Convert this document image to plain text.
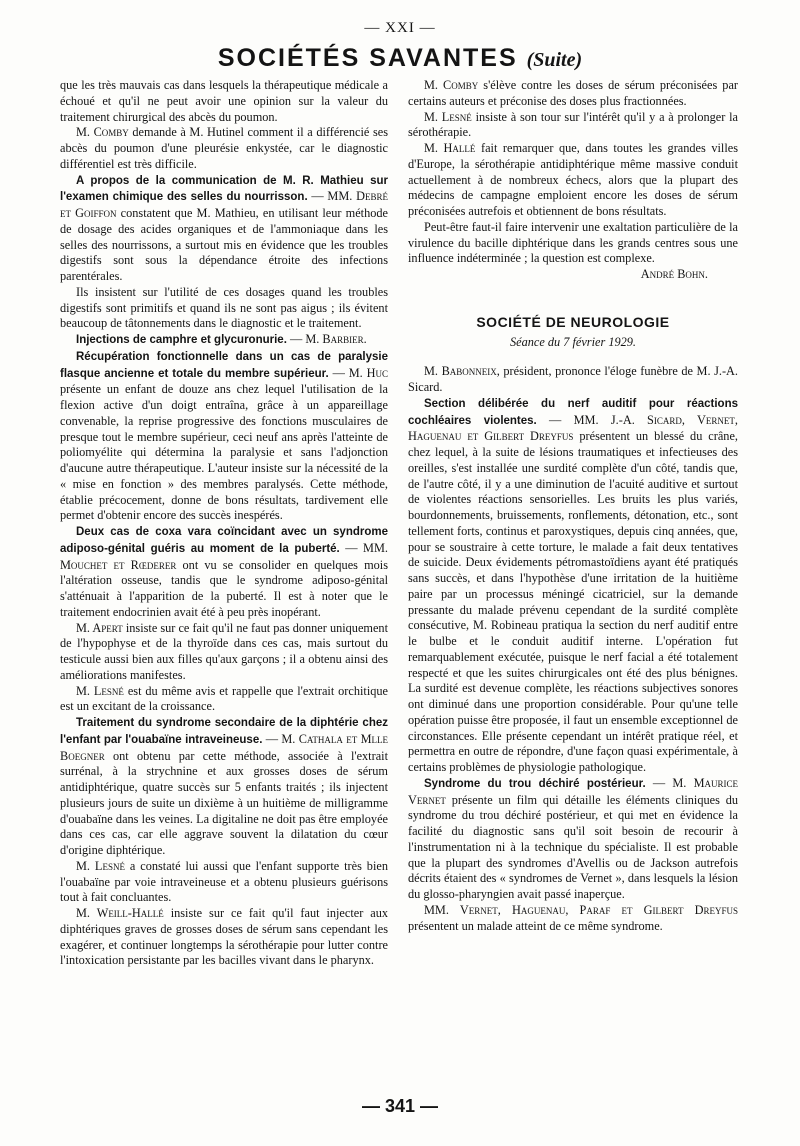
— XXI —
SOCIÉTÉS SAVANTES (Suite)

que les très mauvais cas dans lesquels la thérapeutique médicale a échoué et qu'il ne peut avoir une opinion sur la valeur du traitement chirurgical des abcès du poumon.

M. Comby demande à M. Hutinel comment il a différencié ses abcès du poumon d'une pleurésie enkystée, car le diagnostic différentiel est très difficile.

A propos de la communication de M. R. Mathieu sur l'examen chimique des selles du nourrisson. — MM. Debré et Goiffon constatent que M. Mathieu, en utilisant leur méthode de dosage des acides organiques et de l'ammoniaque dans les selles des nourrissons, a surtout mis en évidence que les troubles digestifs sont sous la dépendance étroite des infections parentérales.

Ils insistent sur l'utilité de ces dosages quand les troubles digestifs sont primitifs et quand ils ne sont pas aigus ; ils évitent beaucoup de tâtonnements dans le diagnostic et le traitement.

Injections de camphre et glycuronurie. — M. Barbier.

Récupération fonctionnelle dans un cas de paralysie flasque ancienne et totale du membre supérieur. — M. Huc présente un enfant de douze ans chez lequel l'utilisation de la flexion active d'un doigt entraîna, grâce à un appareillage convenable, la reprise progressive des fonctions musculaires de presque tout le membre supérieur, ceci neuf ans après l'atteinte de poliomyélite qui détermina la paralysie et sans l'adjonction d'aucune autre thérapeutique. L'auteur insiste sur la nécessité de la « mise en fonction » des membres paralysés. Cette méthode, établie précocement, donne de bons résultats, tardivement elle permet d'obtenir encore des succès inespérés.

Deux cas de coxa vara coïncidant avec un syndrome adiposo-génital guéris au moment de la puberté. — MM. Mouchet et Rœderer ont vu se consolider en quelques mois l'altération osseuse, tandis que le syndrome adiposo-génital s'atténuait à l'apparition de la puberté. Il est à noter que le traitement endocrinien avait été à peu près inopérant.

M. Apert insiste sur ce fait qu'il ne faut pas donner uniquement de l'hypophyse et de la thyroïde dans ces cas, mais surtout du testicule aussi bien aux filles qu'aux garçons ; il a obtenu ainsi des améliorations manifestes.

M. Lesné est du même avis et rappelle que l'extrait orchitique est un excitant de la croissance.

Traitement du syndrome secondaire de la diphtérie chez l'enfant par l'ouabaïne intraveineuse. — M. Cathala et Mlle Boegner ont obtenu par cette méthode, associée à l'extrait surrénal, à la strychnine et aux grosses doses de sérum antidiphtérique, quatre succès sur 5 enfants traités ; ils injectent plusieurs jours de suite un dixième à un huitième de milligramme d'ouabaïne dans les veines. La digitaline ne doit pas être employée dans ces cas, car elle aggrave souvent la dilatation du cœur d'origine diphtérique.

M. Lesné a constaté lui aussi que l'enfant supporte très bien l'ouabaïne par voie intraveineuse et a obtenu plusieurs guérisons tout à fait concluantes.

M. Weill-Hallé insiste sur ce fait qu'il faut injecter aux diphtériques graves de grosses doses de sérum sans cependant les exagérer, et continuer longtemps la sérothérapie pour lutter contre l'intoxication persistante par les bacilles vivant dans le pharynx.

M. Comby s'élève contre les doses de sérum préconisées par certains auteurs et préconise des doses plus fractionnées.

M. Lesné insiste à son tour sur l'intérêt qu'il y a à prolonger la sérothérapie.

M. Hallé fait remarquer que, dans toutes les grandes villes d'Europe, la sérothérapie antidiphtérique même massive conduit actuellement à de nombreux échecs, alors que la plupart des médecins de campagne emploient encore les doses de sérum préconisées autrefois et obtiennent de bons résultats.

Peut-être faut-il faire intervenir une exaltation particulière de la virulence du bacille diphtérique dans les grands centres sous une influence indéterminée ; la question est complexe.

André Bohn.

SOCIÉTÉ DE NEUROLOGIE
Séance du 7 février 1929.

M. Babonneix, président, prononce l'éloge funèbre de M. J.-A. Sicard.

Section délibérée du nerf auditif pour réactions cochléaires violentes. — MM. J.-A. Sicard, Vernet, Haguenau et Gilbert Dreyfus présentent un blessé du crâne, chez lequel, à la suite de lésions traumatiques et infectieuses des oreilles, s'est installée une surdité complète d'un côté, tandis que, de l'autre côté, il y a une diminution de l'acuité auditive et surtout de violentes réactions sensorielles. Les bruits les plus variés, bourdonnements, bruissements, ronflements, détonation, etc., sont tellement forts, continus et paroxystiques, depuis cinq années, que, pour se soustraire à cette torture, le malade a fait deux tentatives de suicide. Deux évidements pétromastoïdiens ayant été pratiqués sans succès, et dans l'hypothèse d'une irritation de la huitième paire par un processus méningé cicatriciel, sur la demande pressante du malade prévenu cependant de la surdité complète consécutive, M. Robineau pratiqua la section du nerf auditif entre le bulbe et le conduit auditif interne. L'opération fut remarquablement exécutée, puisque le nerf facial a été totalement respecté et que les suites chirurgicales ont été des plus bénignes. La surdité est devenue complète, les réactions subjectives sonores ont diminué dans une proportion considérable. Pour qu'une telle opération puisse être proposée, il faut un ensemble exceptionnel de circonstances. Elle présente cependant un intérêt pratique réel, et permettra en outre de répondre, d'une façon quasi expérimentale, à certains problèmes de physiologie pathologique.

Syndrome du trou déchiré postérieur. — M. Maurice Vernet présente un film qui détaille les éléments cliniques du syndrome du trou déchiré postérieur, et qui met en évidence la facilité du diagnostic sans qu'il soit besoin de recourir à l'instrumentation ni à la technique du spécialiste. Il est probable que la plupart des syndromes d'Avellis ou de Jackson autrefois décrits étaient des « syndromes de Vernet », dans lesquels la lésion du glosso-pharyngien avait passé inaperçue.

MM. Vernet, Haguenau, Paraf et Gilbert Dreyfus présentent un malade atteint de ce même syndrome.

— 341 —
